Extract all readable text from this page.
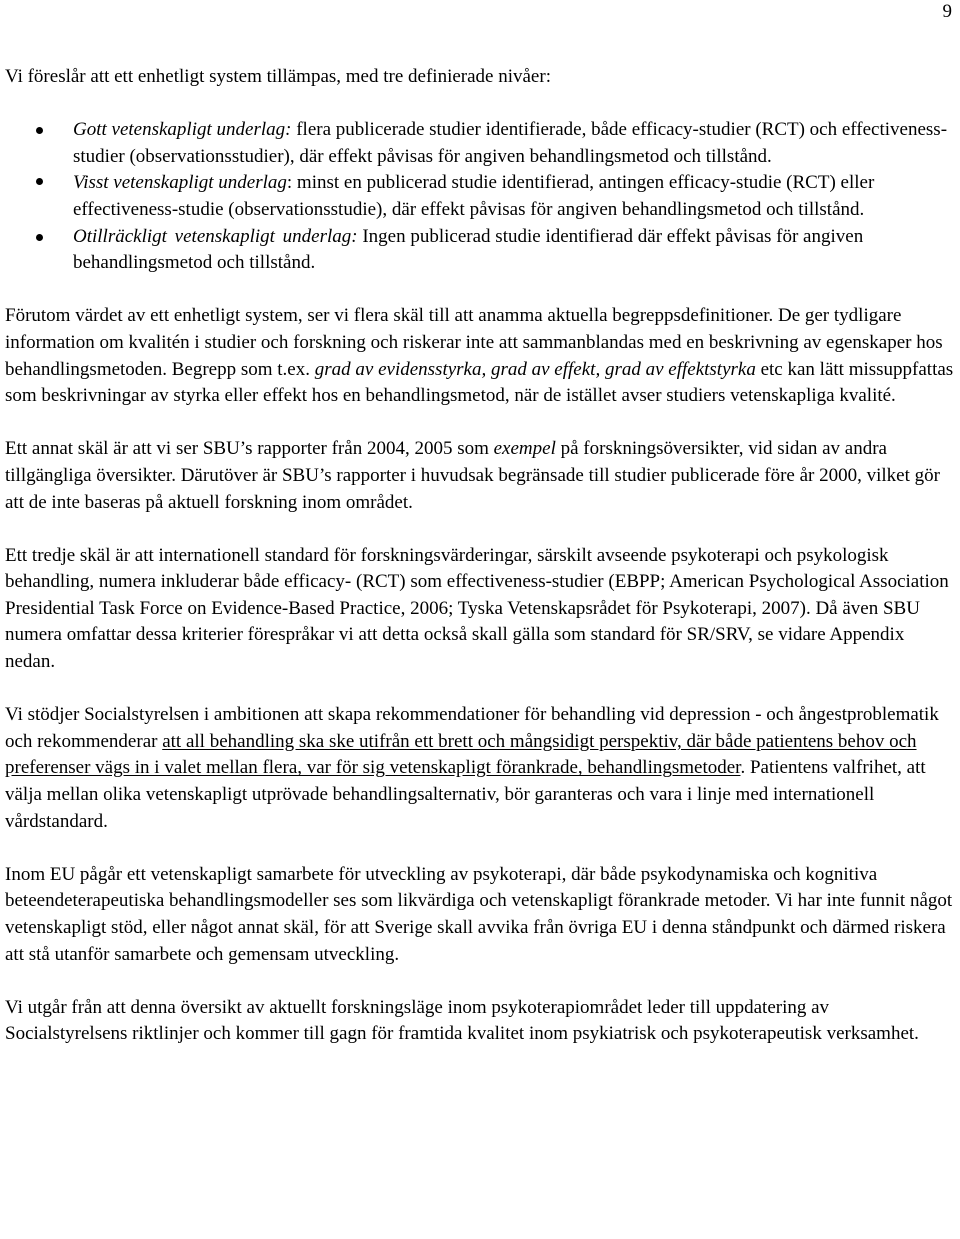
9

Vi föreslår att ett enhetligt system tillämpas, med tre definierade nivåer:

Gott vetenskapligt underlag: flera publicerade studier identifierade, både efficacy-studier (RCT) och effectiveness-studier (observationsstudier), där effekt påvisas för angiven behandlingsmetod och tillstånd.
Visst vetenskapligt underlag: minst en publicerad studie identifierad, antingen efficacy-studie (RCT) eller effectiveness-studie (observationsstudie), där effekt påvisas för angiven behandlingsmetod och tillstånd.
Otillräckligt vetenskapligt underlag: Ingen publicerad studie identifierad där effekt påvisas för angiven behandlingsmetod och tillstånd.

Förutom värdet av ett enhetligt system, ser vi flera skäl till att anamma aktuella begreppsdefinitioner. De ger tydligare information om kvalitén i studier och forskning och riskerar inte att sammanblandas med en beskrivning av egenskaper hos behandlingsmetoden. Begrepp som t.ex. grad av evidensstyrka, grad av effekt, grad av effektstyrka etc kan lätt missuppfattas som beskrivningar av styrka eller effekt hos en behandlingsmetod, när de istället avser studiers vetenskapliga kvalité.

Ett annat skäl är att vi ser SBU’s rapporter från 2004, 2005 som exempel på forskningsöversikter, vid sidan av andra tillgängliga översikter. Därutöver är SBU’s rapporter i huvudsak begränsade till studier publicerade före år 2000, vilket gör att de inte baseras på aktuell forskning inom området.

Ett tredje skäl är att internationell standard för forskningsvärderingar, särskilt avseende psykoterapi och psykologisk behandling, numera inkluderar både efficacy- (RCT) som effectiveness-studier (EBPP; American Psychological Association Presidential Task Force on Evidence-Based Practice, 2006; Tyska Vetenskapsrådet för Psykoterapi, 2007). Då även SBU numera omfattar dessa kriterier förespråkar vi att detta också skall gälla som standard för SR/SRV, se vidare Appendix nedan.

Vi stödjer Socialstyrelsen i ambitionen att skapa rekommendationer för behandling vid depression - och ångestproblematik och rekommenderar att all behandling ska ske utifrån ett brett och mångsidigt perspektiv, där både patientens behov och preferenser vägs in i valet mellan flera, var för sig vetenskapligt förankrade, behandlingsmetoder. Patientens valfrihet, att välja mellan olika vetenskapligt utprövade behandlingsalternativ, bör garanteras och vara i linje med internationell vårdstandard.

Inom EU pågår ett vetenskapligt samarbete för utveckling av psykoterapi, där både psykodynamiska och kognitiva beteendeterapeutiska behandlingsmodeller ses som likvärdiga och vetenskapligt förankrade metoder. Vi har inte funnit något vetenskapligt stöd, eller något annat skäl, för att Sverige skall avvika från övriga EU i denna ståndpunkt och därmed riskera att stå utanför samarbete och gemensam utveckling.

Vi utgår från att denna översikt av aktuellt forskningsläge inom psykoterapiområdet leder till uppdatering av Socialstyrelsens riktlinjer och kommer till gagn för framtida kvalitet inom psykiatrisk och psykoterapeutisk verksamhet.
